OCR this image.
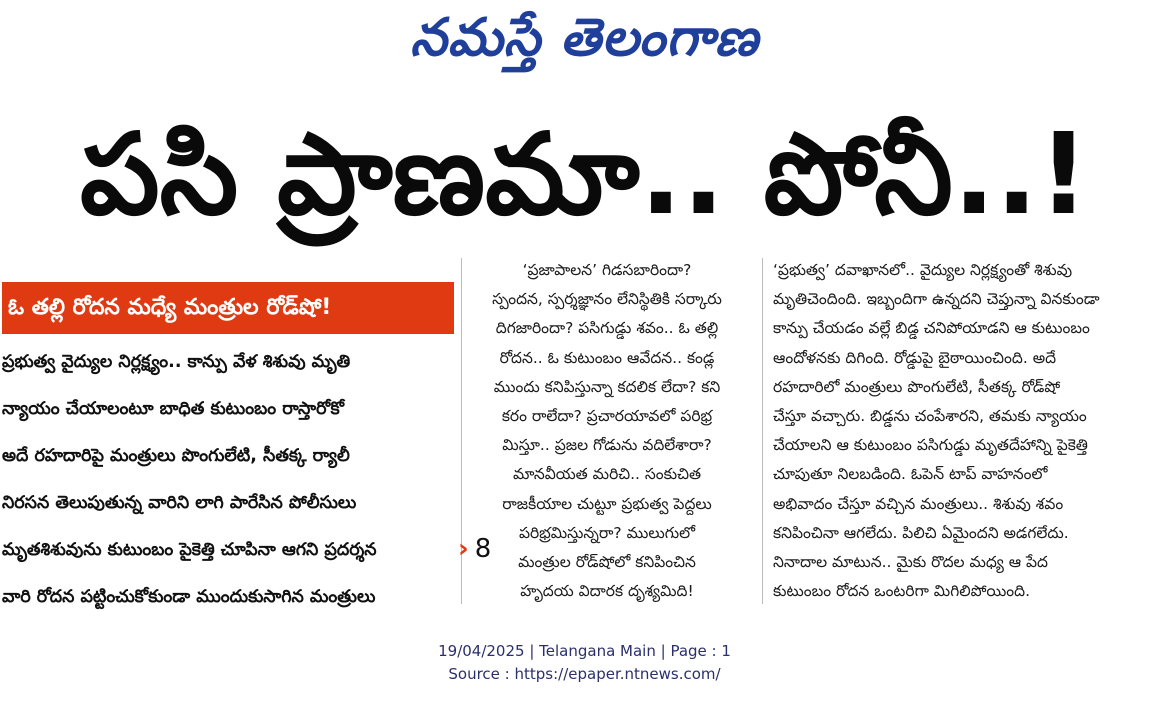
నమస్తే తెలంగాణ
పసి ప్రాణమా.. పోనీ..!
ఓ తల్లి రోదన మధ్యే మంత్రుల రోడ్‌షో!
ప్రభుత్వ వైద్యుల నిర్లక్ష్యం.. కాన్పు వేళ శిశువు మృతి
న్యాయం చేయాలంటూ బాధిత కుటుంబం రాస్తారోకో
అదే రహదారిపై మంత్రులు పొంగులేటి, సీతక్క ర్యాలీ
నిరసన తెలుపుతున్న వారిని లాగి పారేసిన పోలీసులు
మృతశిశువును కుటుంబం పైకెత్తి చూపినా ఆగని ప్రదర్శన
వారి రోదన పట్టించుకోకుండా ముందుకుసాగిన మంత్రులు

‘ప్రజాపాలన’ గిడసబారిందా?

స్పందన, స్పర్శజ్ఞానం లేనిస్థితికి సర్కారు

దిగజారిందా? పసిగుడ్డు శవం.. ఓ తల్లి

రోదన.. ఓ కుటుంబం ఆవేదన.. కండ్ల

ముందు కనిపిస్తున్నా కదలిక లేదా? కని

కరం రాలేదా? ప్రచారయావలో పరిభ్ర

మిస్తూ.. ప్రజల గోడును వదిలేశారా?

మానవీయత మరిచి.. సంకుచిత

రాజకీయాల చుట్టూ ప్రభుత్వ పెద్దలు

పరిభ్రమిస్తున్నరా? ములుగులో

మంత్రుల రోడ్‌షోలో కనిపించిన

హృదయ విదారక దృశ్యమిది!

› 8

‘ప్రభుత్వ’ దవాఖానలో.. వైద్యుల నిర్లక్ష్యంతో శిశువు

మృతిచెందింది. ఇబ్బందిగా ఉన్నదని చెప్తున్నా వినకుండా

కాన్పు చేయడం వల్లే బిడ్డ చనిపోయాడని ఆ కుటుంబం

ఆందోళనకు దిగింది. రోడ్డుపై బైఠాయించింది. అదే

రహదారిలో మంత్రులు పొంగులేటి, సీతక్క రోడ్‌షో

చేస్తూ వచ్చారు. బిడ్డను చంపేశారని, తమకు న్యాయం

చేయాలని ఆ కుటుంబం పసిగుడ్డు మృతదేహాన్ని పైకెత్తి

చూపుతూ నిలబడింది. ఓపెన్ టాప్ వాహనంలో

అభివాదం చేస్తూ వచ్చిన మంత్రులు.. శిశువు శవం

కనిపించినా ఆగలేదు. పిలిచి ఏమైందని అడగలేదు.

నినాదాల మాటున.. మైకు రొదల మధ్య ఆ పేద

కుటుంబం రోదన ఒంటరిగా మిగిలిపోయింది.

19/04/2025 | Telangana Main | Page : 1
Source : https://epaper.ntnews.com/
